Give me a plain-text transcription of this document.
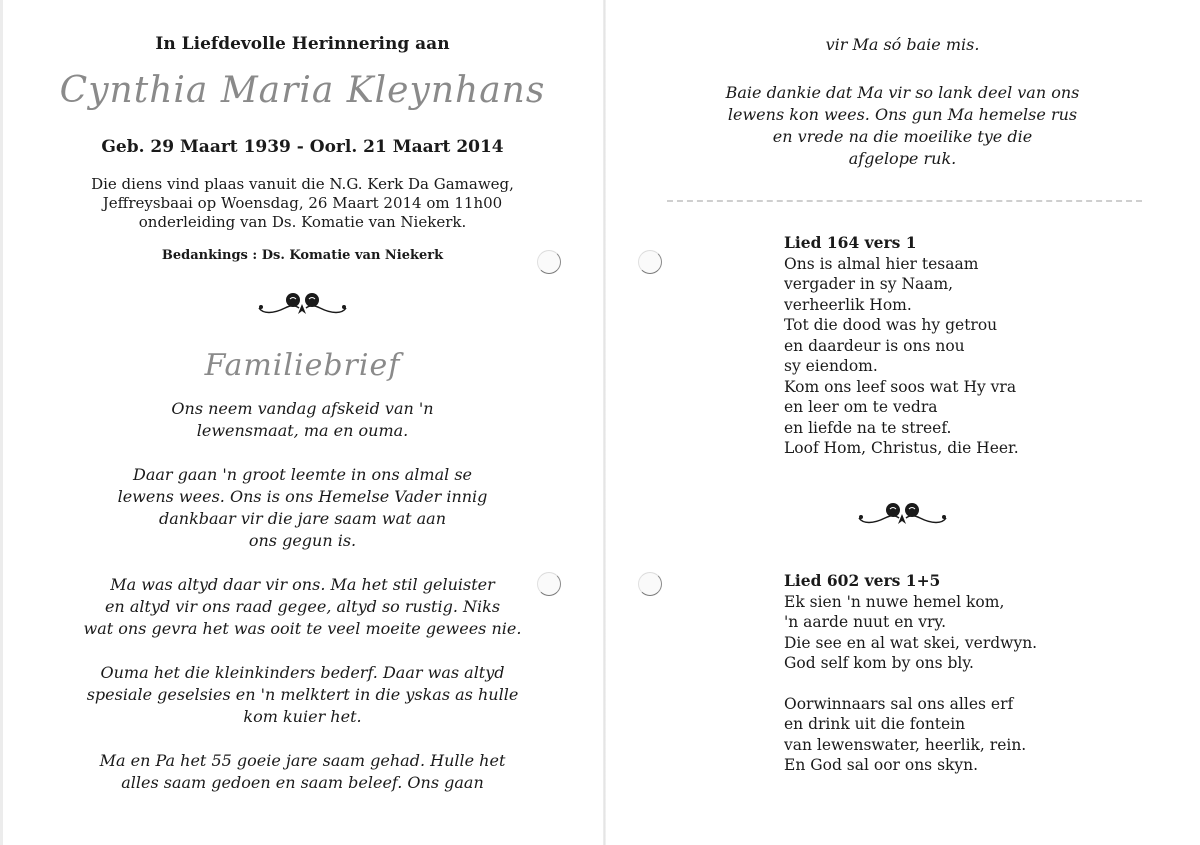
In Liefdevolle Herinnering aan
Cynthia Maria Kleynhans
Geb. 29 Maart 1939 - Oorl. 21 Maart 2014
Die diens vind plaas vanuit die N.G. Kerk Da Gamaweg,
Jeffreysbaai op Woensdag, 26 Maart 2014 om 11h00
onderleiding van Ds. Komatie van Niekerk.
Bedankings : Ds. Komatie van Niekerk
Familiebrief
Ons neem vandag afskeid van 'n
lewensmaat, ma en ouma.
Daar gaan 'n groot leemte in ons almal se
lewens wees. Ons is ons Hemelse Vader innig
dankbaar vir die jare saam wat aan
ons gegun is.
Ma was altyd daar vir ons. Ma het stil geluister
en altyd vir ons raad gegee, altyd so rustig. Niks
wat ons gevra het was ooit te veel moeite gewees nie.
Ouma het die kleinkinders bederf. Daar was altyd
spesiale geselsies en 'n melktert in die yskas as hulle
kom kuier het.
Ma en Pa het 55 goeie jare saam gehad. Hulle het
alles saam gedoen en saam beleef. Ons gaan
vir Ma só baie mis.
Baie dankie dat Ma vir so lank deel van ons
lewens kon wees. Ons gun Ma hemelse rus
en vrede na die moeilike tye die
afgelope ruk.
Lied 164 vers 1
Ons is almal hier tesaam
vergader in sy Naam,
verheerlik Hom.
Tot die dood was hy getrou
en daardeur is ons nou
sy eiendom.
Kom ons leef soos wat Hy vra
en leer om te vedra
en liefde na te streef.
Loof Hom, Christus, die Heer.
Lied 602 vers 1+5
Ek sien 'n nuwe hemel kom,
'n aarde nuut en vry.
Die see en al wat skei, verdwyn.
God self kom by ons bly.
Oorwinnaars sal ons alles erf
en drink uit die fontein
van lewenswater, heerlik, rein.
En God sal oor ons skyn.
